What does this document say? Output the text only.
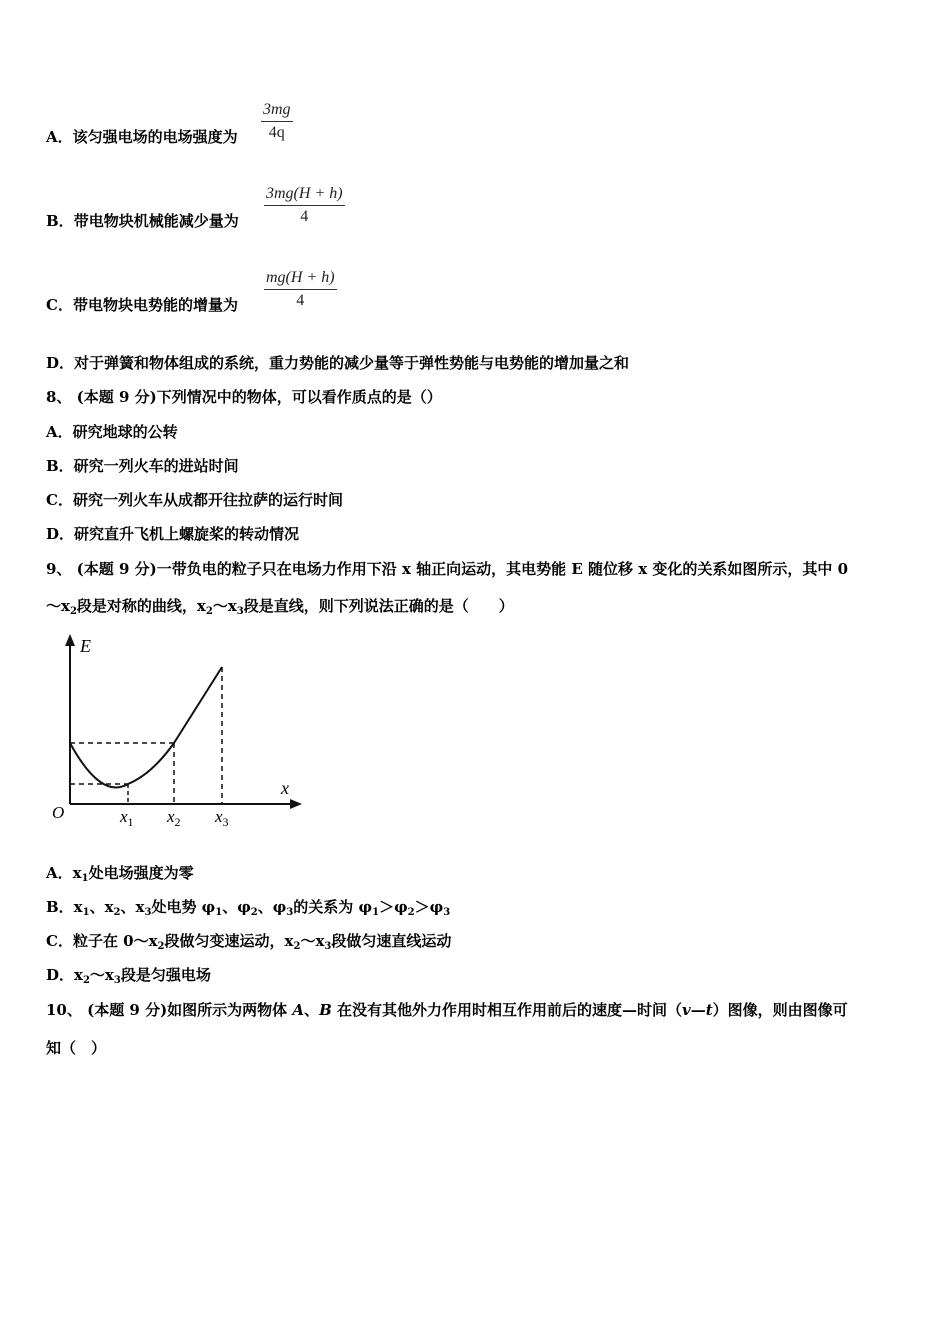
A．该匀强电场的电场强度为 $\frac{3mg}{4q}$
B．带电物块机械能减少量为 $\frac{3mg(H + h)}{4}$
C．带电物块电势能的增量为 $\frac{mg(H + h)}{4}$
D．对于弹簧和物体组成的系统，重力势能的减少量等于弹性势能与电势能的增加量之和
8、 (本题 9 分)下列情况中的物体，可以看作质点的是（）
A．研究地球的公转
B．研究一列火车的进站时间
C．研究一列火车从成都开往拉萨的运行时间
D．研究直升飞机上螺旋桨的转动情况
9、 (本题 9 分)一带负电的粒子只在电场力作用下沿 x 轴正向运动，其电势能 E 随位移 x 变化的关系如图所示，其中 0
$\sim x_2$段是对称的曲线，$x_2\sim x_3$段是直线，则下列说法正确的是（　　）
E
x
O	$x_1$ $x_2$ $x_3$
A．$x_1$处电场强度为零
B．$x_1$、$x_2$、$x_3$处电势 $\varphi_1$、$\varphi_2$、$\varphi_3$的关系为 $\varphi_1>\varphi_2>\varphi_3$
C．粒子在 $0\sim x_2$段做匀变速运动，$x_2\sim x_3$段做匀速直线运动
D．$x_2\sim x_3$段是匀强电场
10、 (本题 9 分)如图所示为两物体 A、B 在没有其他外力作用时相互作用前后的速度—时间（v—t）图像，则由图像可
知（　）
